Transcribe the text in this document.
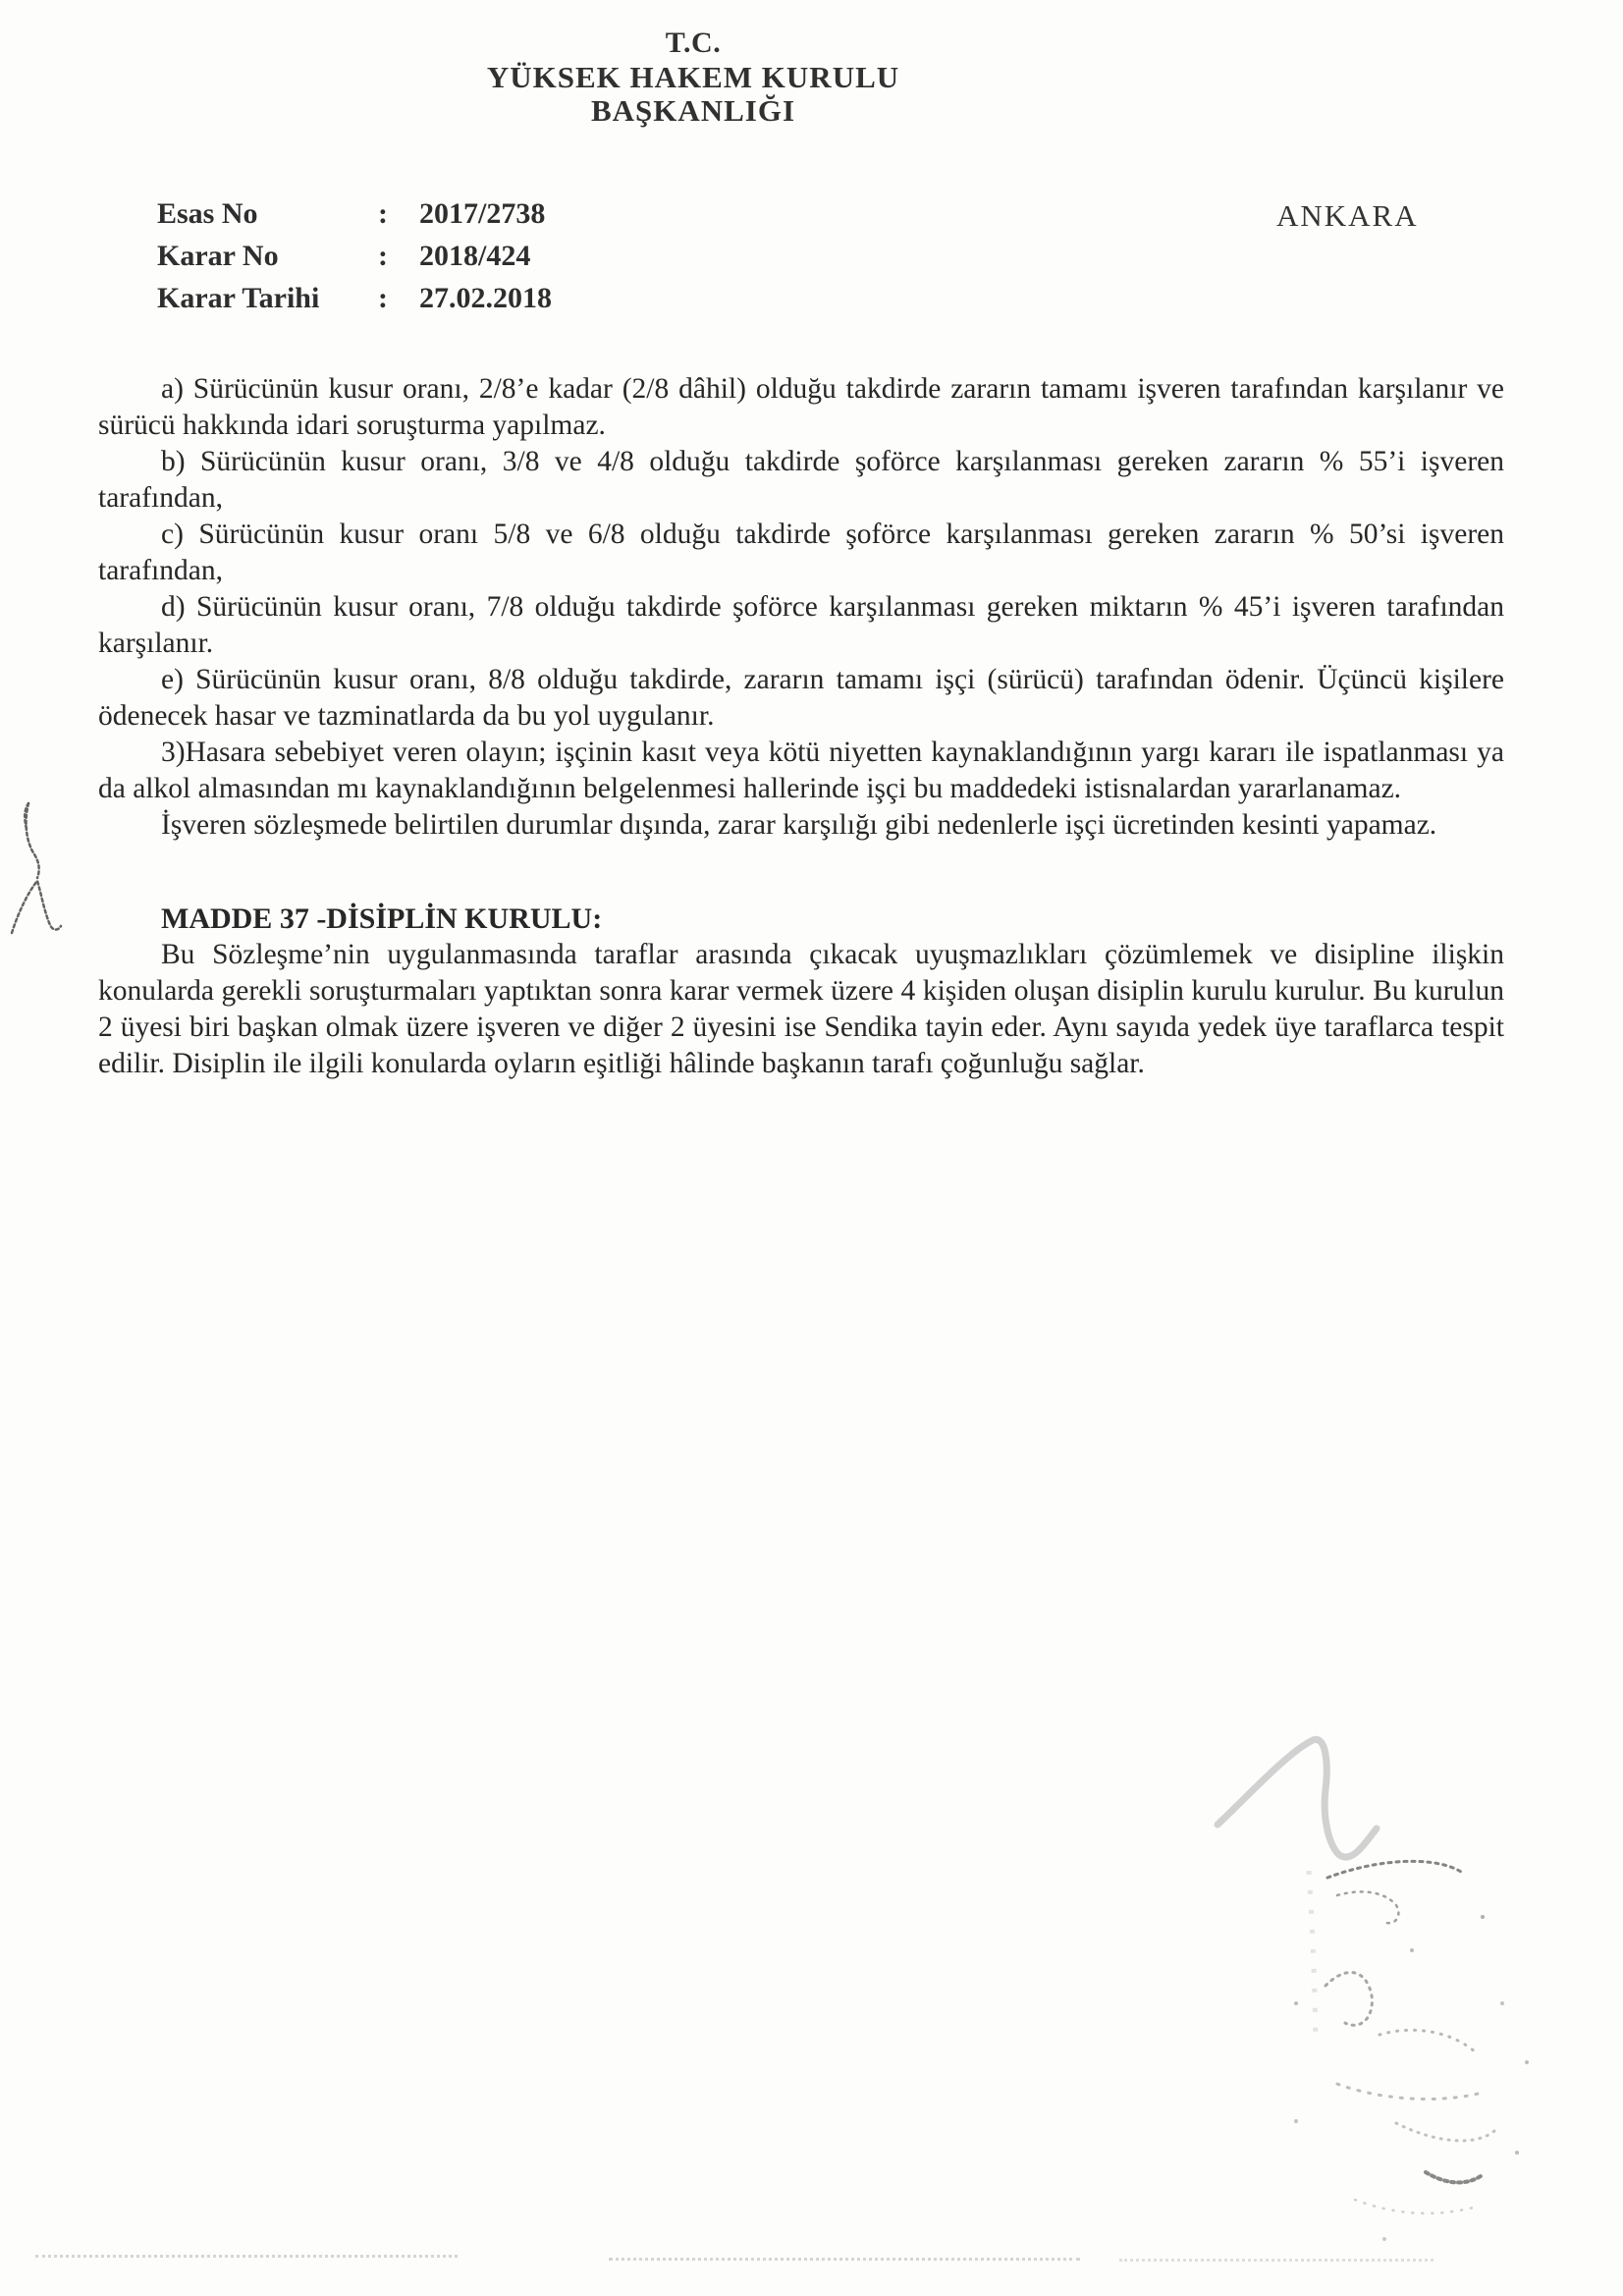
T.C.
YÜKSEK HAKEM KURULU
BAŞKANLIĞI
Esas No	:	2017/2738
Karar No	:	2018/424
Karar Tarihi	:	27.02.2018
ANKARA

a) Sürücünün kusur oranı, 2/8’e kadar (2/8 dâhil) olduğu takdirde zararın tamamı işveren tarafından karşılanır ve sürücü hakkında idari soruşturma yapılmaz.

b) Sürücünün kusur oranı, 3/8 ve 4/8 olduğu takdirde şoförce karşılanması gereken zararın % 55’i işveren tarafından,

c) Sürücünün kusur oranı 5/8 ve 6/8 olduğu takdirde şoförce karşılanması gereken zararın % 50’si işveren tarafından,

d) Sürücünün kusur oranı, 7/8 olduğu takdirde şoförce karşılanması gereken miktarın % 45’i işveren tarafından karşılanır.

e) Sürücünün kusur oranı, 8/8 olduğu takdirde, zararın tamamı işçi (sürücü) tarafından ödenir. Üçüncü kişilere ödenecek hasar ve tazminatlarda da bu yol uygulanır.

3)Hasara sebebiyet veren olayın; işçinin kasıt veya kötü niyetten kaynaklandığının yargı kararı ile ispatlanması ya da alkol almasından mı kaynaklandığının belgelenmesi hallerinde işçi bu maddedeki istisnalardan yararlanamaz.

İşveren sözleşmede belirtilen durumlar dışında, zarar karşılığı gibi nedenlerle işçi ücretinden kesinti yapamaz.

MADDE 37 -DİSİPLİN KURULU:

Bu Sözleşme’nin uygulanmasında taraflar arasında çıkacak uyuşmazlıkları çözümlemek ve disipline ilişkin konularda gerekli soruşturmaları yaptıktan sonra karar vermek üzere 4 kişiden oluşan disiplin kurulu kurulur. Bu kurulun 2 üyesi biri başkan olmak üzere işveren ve diğer 2 üyesini ise Sendika tayin eder. Aynı sayıda yedek üye taraflarca tespit edilir. Disiplin ile ilgili konularda oyların eşitliği hâlinde başkanın tarafı çoğunluğu sağlar.
